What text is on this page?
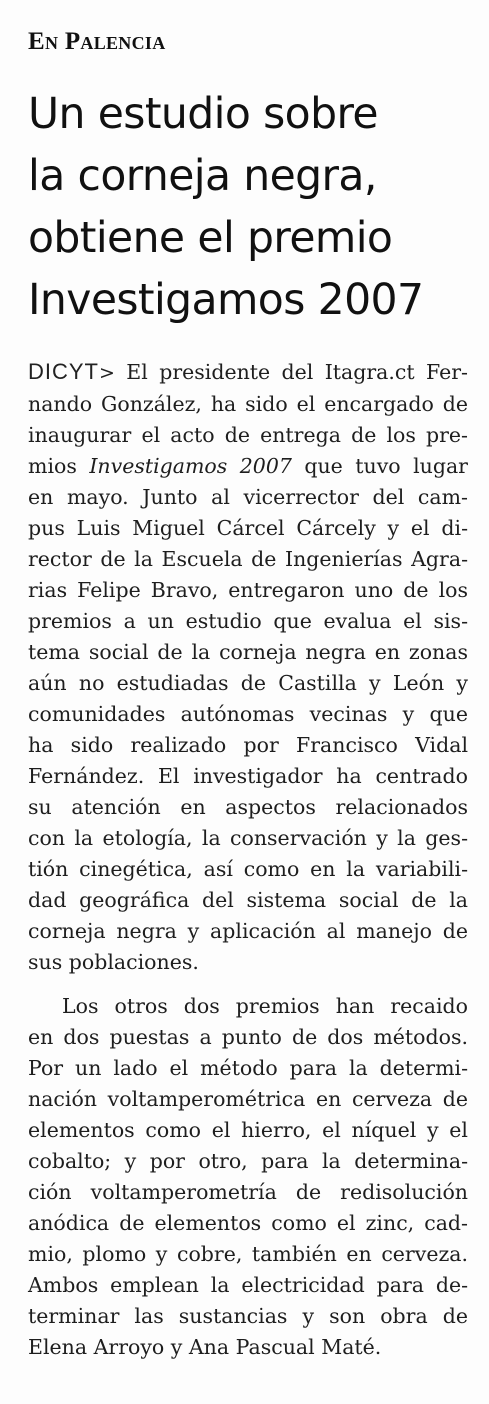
En Palencia
Un estudio sobre
la corneja negra,
obtiene el premio
Investigamos 2007
DICYT> El presidente del Itagra.ct Fer-
nando González, ha sido el encargado de
inaugurar el acto de entrega de los pre-
mios Investigamos 2007 que tuvo lugar
en mayo. Junto al vicerrector del cam-
pus Luis Miguel Cárcel Cárcely y el di-
rector de la Escuela de Ingenierías Agra-
rias Felipe Bravo, entregaron uno de los
premios a un estudio que evalua el sis-
tema social de la corneja negra en zonas
aún no estudiadas de Castilla y León y
comunidades autónomas vecinas y que
ha sido realizado por Francisco Vidal
Fernández. El investigador ha centrado
su atención en aspectos relacionados
con la etología, la conservación y la ges-
tión cinegética, así como en la variabili-
dad geográfica del sistema social de la
corneja negra y aplicación al manejo de
sus poblaciones.
Los otros dos premios han recaido
en dos puestas a punto de dos métodos.
Por un lado el método para la determi-
nación voltamperométrica en cerveza de
elementos como el hierro, el níquel y el
cobalto; y por otro, para la determina-
ción voltamperometría de redisolución
anódica de elementos como el zinc, cad-
mio, plomo y cobre, también en cerveza.
Ambos emplean la electricidad para de-
terminar las sustancias y son obra de
Elena Arroyo y Ana Pascual Maté.
